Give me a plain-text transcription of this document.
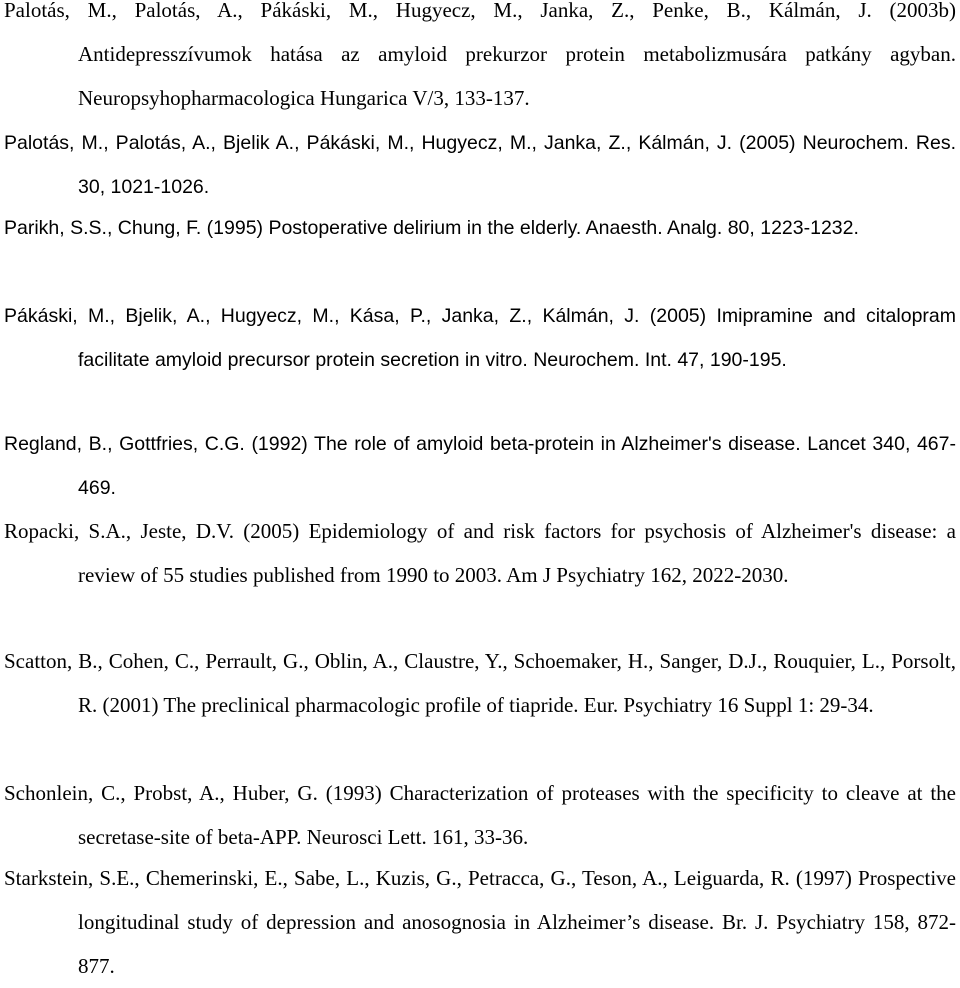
Palotás, M., Palotás, A., Pákáski, M., Hugyecz, M., Janka, Z., Penke, B., Kálmán, J. (2003b) Antidepresszívumok hatása az amyloid prekurzor protein metabolizmusára patkány agyban. Neuropsyhopharmacologica Hungarica V/3, 133-137.
Palotás, M., Palotás, A., Bjelik A., Pákáski, M., Hugyecz, M., Janka, Z., Kálmán, J. (2005) Neurochem. Res. 30, 1021-1026.
Parikh, S.S., Chung, F. (1995) Postoperative delirium in the elderly. Anaesth. Analg. 80, 1223-1232.
Pákáski, M., Bjelik, A., Hugyecz, M., Kása, P., Janka, Z., Kálmán, J. (2005) Imipramine and citalopram facilitate amyloid precursor protein secretion in vitro. Neurochem. Int. 47, 190-195.
Regland, B., Gottfries, C.G. (1992) The role of amyloid beta-protein in Alzheimer's disease. Lancet 340, 467-469.
Ropacki, S.A., Jeste, D.V. (2005) Epidemiology of and risk factors for psychosis of Alzheimer's disease: a review of 55 studies published from 1990 to 2003. Am J Psychiatry 162, 2022-2030.
Scatton, B., Cohen, C., Perrault, G., Oblin, A., Claustre, Y., Schoemaker, H., Sanger, D.J., Rouquier, L., Porsolt, R. (2001) The preclinical pharmacologic profile of tiapride. Eur. Psychiatry 16 Suppl 1: 29-34.
Schonlein, C., Probst, A., Huber, G. (1993) Characterization of proteases with the specificity to cleave at the secretase-site of beta-APP. Neurosci Lett. 161, 33-36.
Starkstein, S.E., Chemerinski, E., Sabe, L., Kuzis, G., Petracca, G., Teson, A., Leiguarda, R. (1997) Prospective longitudinal study of depression and anosognosia in Alzheimer’s disease. Br. J. Psychiatry 158, 872-877.
